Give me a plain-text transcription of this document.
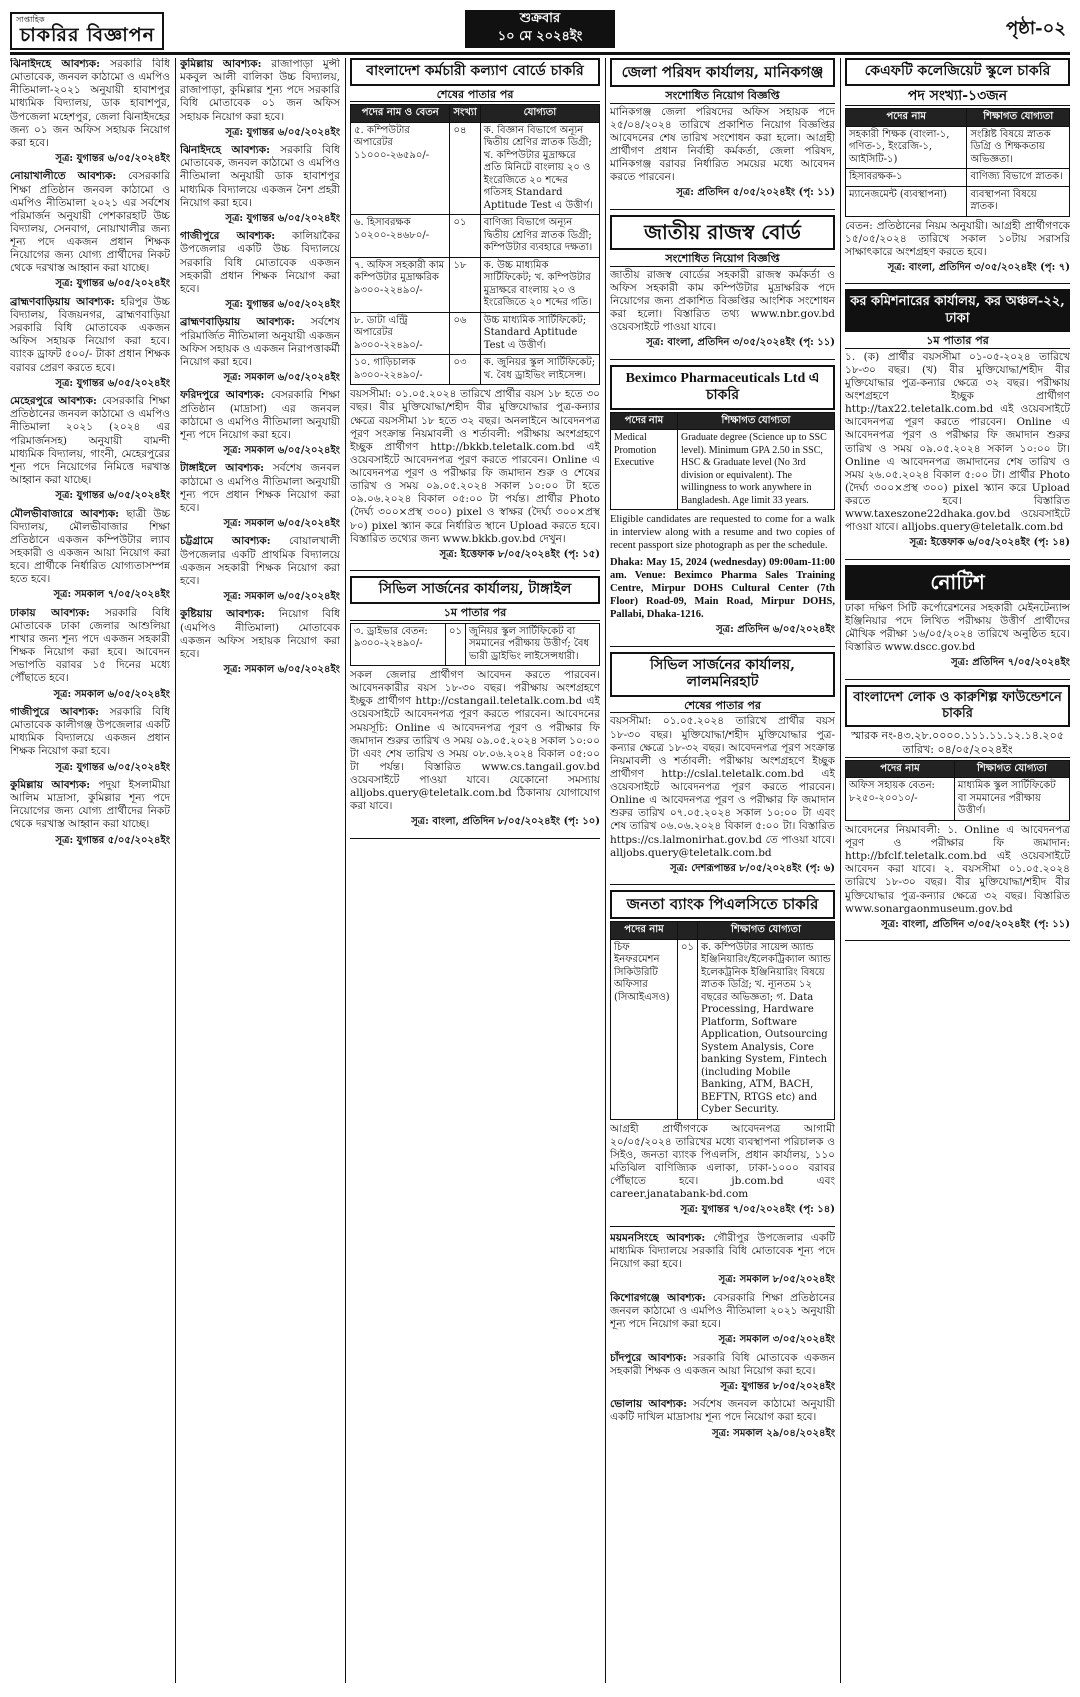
সাপ্তাহিক
চাকরির বিজ্ঞাপন
শুক্রবার
১০ মে ২০২৪ইং	পৃষ্ঠা-০২

ঝিনাইদহে আবশ্যক: সরকারি বিধি মোতাবেক, জনবল কাঠামো ও এমপিও নীতিমালা-২০২১ অনুযায়ী হাবাশপুর মাধ্যমিক বিদ্যালয়, ডাক হাবাশপুর, উপজেলা মহেশপুর, জেলা ঝিনাইদহের জন্য ০১ জন অফিস সহায়ক নিয়োগ করা হবে।

সূত্র: যুগান্তর ৬/০৫/২০২৪ইং

নোয়াখালীতে আবশ্যক: বেসরকারি শিক্ষা প্রতিষ্ঠান জনবল কাঠামো ও এমপিও নীতিমালা ২০২১ এর সর্বশেষ পরিমার্জন অনুযায়ী পেশকারহাট উচ্চ বিদ্যালয়, সেনবাগ, নোয়াখালীর জন্য শূন্য পদে একজন প্রধান শিক্ষক নিয়োগের জন্য যোগ্য প্রার্থীদের নিকট থেকে দরখাস্ত আহ্বান করা যাচ্ছে।

সূত্র: যুগান্তর ৬/০৫/২০২৪ইং

ব্রাহ্মণবাড়িয়ায় আবশ্যক: হরিপুর উচ্চ বিদ্যালয়, বিজয়নগর, ব্রাহ্মণবাড়িয়া সরকারি বিধি মোতাবেক একজন অফিস সহায়ক নিয়োগ করা হবে। ব্যাংক ড্রাফট ৫০০/- টাকা প্রধান শিক্ষক বরাবর প্রেরণ করতে হবে।

সূত্র: যুগান্তর ৬/০৫/২০২৪ইং

মেহেরপুরে আবশ্যক: বেসরকারি শিক্ষা প্রতিষ্ঠানের জনবল কাঠামো ও এমপিও নীতিমালা ২০২১ (২০২৪ এর পরিমার্জনসহ) অনুযায়ী বামন্দী মাধ্যমিক বিদ্যালয়, গাংনী, মেহেরপুরের শূন্য পদে নিয়োগের নিমিত্তে দরখাস্ত আহ্বান করা যাচ্ছে।

সূত্র: যুগান্তর ৬/০৫/২০২৪ইং

মৌলভীবাজারে আবশ্যক: ছাত্রী উচ্চ বিদ্যালয়, মৌলভীবাজার শিক্ষা প্রতিষ্ঠানে একজন কম্পিউটার ল্যাব সহকারী ও একজন আয়া নিয়োগ করা হবে। প্রার্থীকে নির্ধারিত যোগ্যতাসম্পন্ন হতে হবে।

সূত্র: সমকাল ৭/০৫/২০২৪ইং

ঢাকায় আবশ্যক: সরকারি বিধি মোতাবেক ঢাকা জেলার আশুলিয়া শাখার জন্য শূন্য পদে একজন সহকারী শিক্ষক নিয়োগ করা হবে। আবেদন সভাপতি বরাবর ১৫ দিনের মধ্যে পৌঁছাতে হবে।

সূত্র: সমকাল ৬/০৫/২০২৪ইং

গাজীপুরে আবশ্যক: সরকারি বিধি মোতাবেক কালীগঞ্জ উপজেলার একটি মাধ্যমিক বিদ্যালয়ে একজন প্রধান শিক্ষক নিয়োগ করা হবে।

সূত্র: যুগান্তর ৬/০৫/২০২৪ইং

কুমিল্লায় আবশ্যক: পদুয়া ইসলামীয়া আলিম মাদ্রাসা, কুমিল্লার শূন্য পদে নিয়োগের জন্য যোগ্য প্রার্থীদের নিকট থেকে দরখাস্ত আহ্বান করা যাচ্ছে।

সূত্র: যুগান্তর ৫/০৫/২০২৪ইং

কুমিল্লায় আবশ্যক: রাজাপাড়া মুন্সী মকবুল আলী বালিকা উচ্চ বিদ্যালয়, রাজাপাড়া, কুমিল্লার শূন্য পদে সরকারি বিধি মোতাবেক ০১ জন অফিস সহায়ক নিয়োগ করা হবে।

সূত্র: যুগান্তর ৬/০৫/২০২৪ইং

ঝিনাইদহে আবশ্যক: সরকারি বিধি মোতাবেক, জনবল কাঠামো ও এমপিও নীতিমালা অনুযায়ী ডাক হাবাশপুর মাধ্যমিক বিদ্যালয়ে একজন নৈশ প্রহরী নিয়োগ করা হবে।

সূত্র: যুগান্তর ৬/০৫/২০২৪ইং

গাজীপুরে আবশ্যক: কালিয়াকৈর উপজেলার একটি উচ্চ বিদ্যালয়ে সরকারি বিধি মোতাবেক একজন সহকারী প্রধান শিক্ষক নিয়োগ করা হবে।

সূত্র: যুগান্তর ৬/০৫/২০২৪ইং

ব্রাহ্মণবাড়িয়ায় আবশ্যক: সর্বশেষ পরিমার্জিত নীতিমালা অনুযায়ী একজন অফিস সহায়ক ও একজন নিরাপত্তাকর্মী নিয়োগ করা হবে।

সূত্র: সমকাল ৬/০৫/২০২৪ইং

ফরিদপুরে আবশ্যক: বেসরকারি শিক্ষা প্রতিষ্ঠান (মাদ্রাসা) এর জনবল কাঠামো ও এমপিও নীতিমালা অনুযায়ী শূন্য পদে নিয়োগ করা হবে।

সূত্র: সমকাল ৬/০৫/২০২৪ইং

টাঙ্গাইলে আবশ্যক: সর্বশেষ জনবল কাঠামো ও এমপিও নীতিমালা অনুযায়ী শূন্য পদে প্রধান শিক্ষক নিয়োগ করা হবে।

সূত্র: সমকাল ৬/০৫/২০২৪ইং

চট্টগ্রামে আবশ্যক: বোয়ালখালী উপজেলার একটি প্রাথমিক বিদ্যালয়ে একজন সহকারী শিক্ষক নিয়োগ করা হবে।

সূত্র: সমকাল ৬/০৫/২০২৪ইং

কুষ্টিয়ায় আবশ্যক: নিয়োগ বিধি (এমপিও নীতিমালা) মোতাবেক একজন অফিস সহায়ক নিয়োগ করা হবে।

সূত্র: সমকাল ৬/০৫/২০২৪ইং
বাংলাদেশ কর্মচারী কল্যাণ বোর্ডে চাকরি
শেষের পাতার পর
পদের নাম ও বেতন	সংখ্যা	যোগ্যতা
৫. কম্পিউটার অপারেটর ১১০০০-২৬৫৯০/-	০৪	ক. বিজ্ঞান বিভাগে অন্যূন দ্বিতীয় শ্রেণির স্নাতক ডিগ্রী; খ. কম্পিউটার মুদ্রাক্ষরে প্রতি মিনিটে বাংলায় ২০ ও ইংরেজিতে ২০ শব্দের গতিসহ Standard Aptitude Test এ উত্তীর্ণ।
৬. হিসাবরক্ষক ১০২০০-২৪৬৮০/-	০১	বাণিজ্য বিভাগে অন্যূন দ্বিতীয় শ্রেণির স্নাতক ডিগ্রী; কম্পিউটার ব্যবহারে দক্ষতা।
৭. অফিস সহকারী কাম কম্পিউটার মুদ্রাক্ষরিক ৯৩০০-২২৪৯০/-	১৮	ক. উচ্চ মাধ্যমিক সার্টিফিকেট; খ. কম্পিউটার মুদ্রাক্ষরে বাংলায় ২০ ও ইংরেজিতে ২০ শব্দের গতি।
৮. ডাটা এন্ট্রি অপারেটর ৯৩০০-২২৪৯০/-	০৬	উচ্চ মাধ্যমিক সার্টিফিকেট; Standard Aptitude Test এ উত্তীর্ণ।
১০. গাড়িচালক ৯৩০০-২২৪৯০/-	০৩	ক. জুনিয়র স্কুল সার্টিফিকেট; খ. বৈধ ড্রাইভিং লাইসেন্স।

বয়সসীমা: ০১.০৫.২০২৪ তারিখে প্রার্থীর বয়স ১৮ হতে ৩০ বছর। বীর মুক্তিযোদ্ধা/শহীদ বীর মুক্তিযোদ্ধার পুত্র-কন্যার ক্ষেত্রে বয়সসীমা ১৮ হতে ৩২ বছর। অনলাইনে আবেদনপত্র পূরণ সংক্রান্ত নিয়মাবলী ও শর্তাবলী: পরীক্ষায় অংশগ্রহণে ইচ্ছুক প্রার্থীগণ http://bkkb.teletalk.com.bd এই ওয়েবসাইটে আবেদনপত্র পূরণ করতে পারবেন। Online এ আবেদনপত্র পূরণ ও পরীক্ষার ফি জমাদান শুরু ও শেষের তারিখ ও সময় ০৯.০৫.২০২৪ সকাল ১০:০০ টা হতে ০৯.০৬.২০২৪ বিকাল ০৫:০০ টা পর্যন্ত। প্রার্থীর Photo (দৈর্ঘ্য ৩০০×প্রস্থ ৩০০) pixel ও স্বাক্ষর (দৈর্ঘ্য ৩০০×প্রস্থ ৮০) pixel স্ক্যান করে নির্ধারিত স্থানে Upload করতে হবে। বিস্তারিত তথ্যের জন্য www.bkkb.gov.bd দেখুন।

সূত্র: ইত্তেফাক ৮/০৫/২০২৪ইং (পৃ: ১৫)
সিভিল সার্জনের কার্যালয়, টাঙ্গাইল
১ম পাতার পর
৩. ড্রাইভার বেতন: ৯৩০০-২২৪৯০/-	০১	জুনিয়র স্কুল সার্টিফিকেট বা সমমানের পরীক্ষায় উত্তীর্ণ; বৈধ ভারী ড্রাইভিং লাইসেন্সধারী।

সকল জেলার প্রার্থীগণ আবেদন করতে পারবেন। আবেদনকারীর বয়স ১৮-৩০ বছর। পরীক্ষায় অংশগ্রহণে ইচ্ছুক প্রার্থীগণ http://cstangail.teletalk.com.bd এই ওয়েবসাইটে আবেদনপত্র পূরণ করতে পারবেন। আবেদনের সময়সূচি: Online এ আবেদনপত্র পূরণ ও পরীক্ষার ফি জমাদান শুরুর তারিখ ও সময় ০৯.০৫.২০২৪ সকাল ১০:০০ টা এবং শেষ তারিখ ও সময় ০৮.০৬.২০২৪ বিকাল ০৫:০০ টা পর্যন্ত। বিস্তারিত www.cs.tangail.gov.bd ওয়েবসাইটে পাওয়া যাবে। যেকোনো সমস্যায় alljobs.query@teletalk.com.bd ঠিকানায় যোগাযোগ করা যাবে।

সূত্র: বাংলা, প্রতিদিন ৮/০৫/২০২৪ইং (পৃ: ১০)
জেলা পরিষদ কার্যালয়, মানিকগঞ্জ
সংশোধিত নিয়োগ বিজ্ঞপ্তি

মানিকগঞ্জ জেলা পরিষদের অফিস সহায়ক পদে ২৫/০৪/২০২৪ তারিখে প্রকাশিত নিয়োগ বিজ্ঞপ্তির আবেদনের শেষ তারিখ সংশোধন করা হলো। আগ্রহী প্রার্থীগণ প্রধান নির্বাহী কর্মকর্তা, জেলা পরিষদ, মানিকগঞ্জ বরাবর নির্ধারিত সময়ের মধ্যে আবেদন করতে পারবেন।

সূত্র: প্রতিদিন ৫/০৫/২০২৪ইং (পৃ: ১১)
জাতীয় রাজস্ব বোর্ড
সংশোধিত নিয়োগ বিজ্ঞপ্তি

জাতীয় রাজস্ব বোর্ডের সহকারী রাজস্ব কর্মকর্তা ও অফিস সহকারী কাম কম্পিউটার মুদ্রাক্ষরিক পদে নিয়োগের জন্য প্রকাশিত বিজ্ঞপ্তির আংশিক সংশোধন করা হলো। বিস্তারিত তথ্য www.nbr.gov.bd ওয়েবসাইটে পাওয়া যাবে।

সূত্র: বাংলা, প্রতিদিন ৩/০৫/২০২৪ইং (পৃ: ১১)
Beximco Pharmaceuticals Ltd এ চাকরি
পদের নাম	শিক্ষাগত যোগ্যতা
Medical Promotion Executive	Graduate degree (Science up to SSC level). Minimum GPA 2.50 in SSC, HSC & Graduate level (No 3rd division or equivalent). The willingness to work anywhere in Bangladesh. Age limit 33 years.

Eligible candidates are requested to come for a walk in interview along with a resume and two copies of recent passport size photograph as per the schedule.

Dhaka: May 15, 2024 (wednesday) 09:00am-11:00 am. Venue: Beximco Pharma Sales Training Centre, Mirpur DOHS Cultural Center (7th Floor) Road-09, Main Road, Mirpur DOHS, Pallabi, Dhaka-1216.

সূত্র: প্রতিদিন ৬/০৫/২০২৪ইং
সিভিল সার্জনের কার্যালয়, লালমনিরহাট
শেষের পাতার পর

বয়সসীমা: ০১.০৫.২০২৪ তারিখে প্রার্থীর বয়স ১৮-৩০ বছর। মুক্তিযোদ্ধা/শহীদ মুক্তিযোদ্ধার পুত্র-কন্যার ক্ষেত্রে ১৮-৩২ বছর। আবেদনপত্র পূরণ সংক্রান্ত নিয়মাবলী ও শর্তাবলী: পরীক্ষায় অংশগ্রহণে ইচ্ছুক প্রার্থীগণ http://cslal.teletalk.com.bd এই ওয়েবসাইটে আবেদনপত্র পূরণ করতে পারবেন। Online এ আবেদনপত্র পূরণ ও পরীক্ষার ফি জমাদান শুরুর তারিখ ০৭.০৫.২০২৪ সকাল ১০:০০ টা এবং শেষ তারিখ ০৬.০৬.২০২৪ বিকাল ৫:০০ টা। বিস্তারিত https://cs.lalmonirhat.gov.bd তে পাওয়া যাবে। alljobs.query@teletalk.com.bd

সূত্র: দেশরূপান্তর ৮/০৫/২০২৪ইং (পৃ: ৬)
জনতা ব্যাংক পিএলসিতে চাকরি
পদের নাম		শিক্ষাগত যোগ্যতা
চিফ ইনফরমেশন সিকিউরিটি অফিসার (সিআইএসও)	০১	ক. কম্পিউটার সায়েন্স অ্যান্ড ইঞ্জিনিয়ারিং/ইলেকট্রিক্যাল অ্যান্ড ইলেকট্রনিক ইঞ্জিনিয়ারিং বিষয়ে স্নাতক ডিগ্রি; খ. ন্যূনতম ১২ বছরের অভিজ্ঞতা; গ. Data Processing, Hardware Platform, Software Application, Outsourcing System Analysis, Core banking System, Fintech (including Mobile Banking, ATM, BACH, BEFTN, RTGS etc) and Cyber Security.

আগ্রহী প্রার্থীগণকে আবেদনপত্র আগামী ২০/০৫/২০২৪ তারিখের মধ্যে ব্যবস্থাপনা পরিচালক ও সিইও, জনতা ব্যাংক পিএলসি, প্রধান কার্যালয়, ১১০ মতিঝিল বাণিজ্যিক এলাকা, ঢাকা-১০০০ বরাবর পৌঁছাতে হবে। jb.com.bd এবং career.janatabank-bd.com

সূত্র: যুগান্তর ৭/০৫/২০২৪ইং (পৃ: ১৪)

ময়মনসিংহে আবশ্যক: গৌরীপুর উপজেলার একটি মাধ্যমিক বিদ্যালয়ে সরকারি বিধি মোতাবেক শূন্য পদে নিয়োগ করা হবে।

সূত্র: সমকাল ৮/০৫/২০২৪ইং

কিশোরগঞ্জে আবশ্যক: বেসরকারি শিক্ষা প্রতিষ্ঠানের জনবল কাঠামো ও এমপিও নীতিমালা ২০২১ অনুযায়ী শূন্য পদে নিয়োগ করা হবে।

সূত্র: সমকাল ৩/০৫/২০২৪ইং

চাঁদপুরে আবশ্যক: সরকারি বিধি মোতাবেক একজন সহকারী শিক্ষক ও একজন আয়া নিয়োগ করা হবে।

সূত্র: যুগান্তর ৮/০৫/২০২৪ইং

ভোলায় আবশ্যক: সর্বশেষ জনবল কাঠামো অনুযায়ী একটি দাখিল মাদ্রাসায় শূন্য পদে নিয়োগ করা হবে।

সূত্র: সমকাল ২৯/০৪/২০২৪ইং
কেএফটি কলেজিয়েট স্কুলে চাকরি
পদ সংখ্যা-১৩জন
পদের নাম	শিক্ষাগত যোগ্যতা
সহকারী শিক্ষক (বাংলা-১, গণিত-১, ইংরেজি-১, আইসিটি-১)	সংশ্লিষ্ট বিষয়ে স্নাতক ডিগ্রি ও শিক্ষকতায় অভিজ্ঞতা।
হিসাবরক্ষক-১	বাণিজ্য বিভাগে স্নাতক।
ম্যানেজমেন্ট (ব্যবস্থাপনা)	ব্যবস্থাপনা বিষয়ে স্নাতক।

বেতন: প্রতিষ্ঠানের নিয়ম অনুযায়ী। আগ্রহী প্রার্থীগণকে ১৫/০৫/২০২৪ তারিখে সকাল ১০টায় সরাসরি সাক্ষাৎকারে অংশগ্রহণ করতে হবে।

সূত্র: বাংলা, প্রতিদিন ৩/০৫/২০২৪ইং (পৃ: ৭)
কর কমিশনারের কার্যালয়, কর অঞ্চল-২২, ঢাকা
১ম পাতার পর

১. (ক) প্রার্থীর বয়সসীমা ০১-০৫-২০২৪ তারিখে ১৮-৩০ বছর। (খ) বীর মুক্তিযোদ্ধা/শহীদ বীর মুক্তিযোদ্ধার পুত্র-কন্যার ক্ষেত্রে ৩২ বছর। পরীক্ষায় অংশগ্রহণে ইচ্ছুক প্রার্থীগণ http://tax22.teletalk.com.bd এই ওয়েবসাইটে আবেদনপত্র পূরণ করতে পারবেন। Online এ আবেদনপত্র পূরণ ও পরীক্ষার ফি জমাদান শুরুর তারিখ ও সময় ০৯.০৫.২০২৪ সকাল ১০:০০ টা। Online এ আবেদনপত্র জমাদানের শেষ তারিখ ও সময় ২৬.০৫.২০২৪ বিকাল ৫:০০ টা। প্রার্থীর Photo (দৈর্ঘ্য ৩০০×প্রস্থ ৩০০) pixel স্ক্যান করে Upload করতে হবে। বিস্তারিত www.taxeszone22dhaka.gov.bd ওয়েবসাইটে পাওয়া যাবে। alljobs.query@teletalk.com.bd

সূত্র: ইত্তেফাক ৬/০৫/২০২৪ইং (পৃ: ১৪)
নোটিশ

ঢাকা দক্ষিণ সিটি কর্পোরেশনের সহকারী মেইনটেন্যান্স ইঞ্জিনিয়ার পদে লিখিত পরীক্ষায় উত্তীর্ণ প্রার্থীদের মৌখিক পরীক্ষা ১৬/০৫/২০২৪ তারিখে অনুষ্ঠিত হবে। বিস্তারিত www.dscc.gov.bd

সূত্র: প্রতিদিন ৭/০৫/২০২৪ইং
বাংলাদেশ লোক ও কারুশিল্প ফাউন্ডেশনে চাকরি
স্মারক নং-৪৩.২৮.০০০০.১১১.১১.১২.১৪.২০৫ তারিখ: ০৪/০৫/২০২৪ইং
পদের নাম	শিক্ষাগত যোগ্যতা
অফিস সহায়ক বেতন: ৮২৫০-২০০১০/-	মাধ্যমিক স্কুল সার্টিফিকেট বা সমমানের পরীক্ষায় উত্তীর্ণ।

আবেদনের নিয়মাবলী: ১. Online এ আবেদনপত্র পূরণ ও পরীক্ষার ফি জমাদান: http://bfclf.teletalk.com.bd এই ওয়েবসাইটে আবেদন করা যাবে। ২. বয়সসীমা ০১.০৫.২০২৪ তারিখে ১৮-৩০ বছর। বীর মুক্তিযোদ্ধা/শহীদ বীর মুক্তিযোদ্ধার পুত্র-কন্যার ক্ষেত্রে ৩২ বছর। বিস্তারিত www.sonargaonmuseum.gov.bd

সূত্র: বাংলা, প্রতিদিন ৩/০৫/২০২৪ইং (পৃ: ১১)
